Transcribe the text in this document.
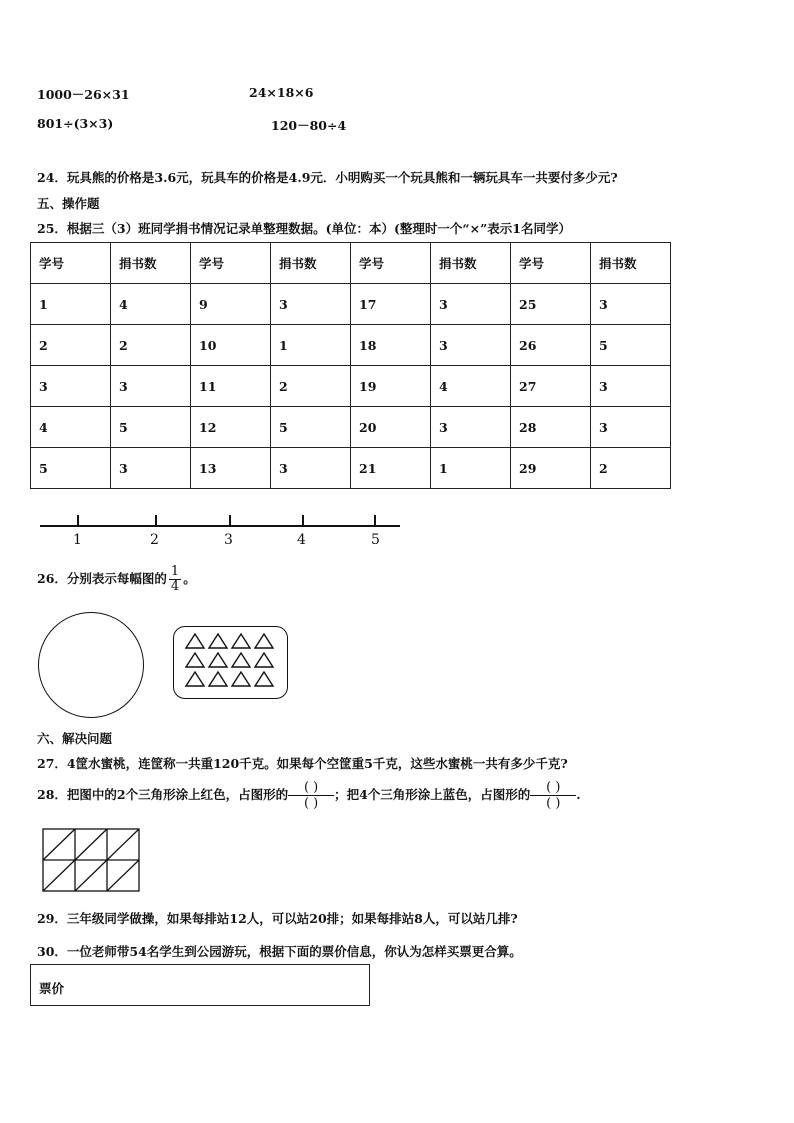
1000－26×31	24×18×6
801÷(3×3)	120－80÷4
24．玩具熊的价格是3.6元，玩具车的价格是4.9元．小明购买一个玩具熊和一辆玩具车一共要付多少元?
五、操作题
25．根据三（3）班同学捐书情况记录单整理数据。(单位：本）(整理时一个“×”表示1名同学）
学号	捐书数	学号	捐书数	学号	捐书数	学号	捐书数
1	4	9	3	17	3	25	3
2	2	10	1	18	3	26	5
3	3	11	2	19	4	27	3
4	5	12	5	20	3	28	3
5	3	13	3	21	1	29	2
1	2	3	4	5
26．分别表示每幅图的 $\frac{1}{4}$ 。
六、解决问题
27．4筐水蜜桃，连筐称一共重120千克。如果每个空筐重5千克，这些水蜜桃一共有多少千克?
28．把图中的2个三角形涂上红色，占图形的 $\frac{( )}{( )}$；把4个三角形涂上蓝色，占图形的 $\frac{( )}{( )}$.
29．三年级同学做操，如果每排站12人，可以站20排；如果每排站8人，可以站几排?
30．一位老师带54名学生到公园游玩，根据下面的票价信息，你认为怎样买票更合算。
票价
